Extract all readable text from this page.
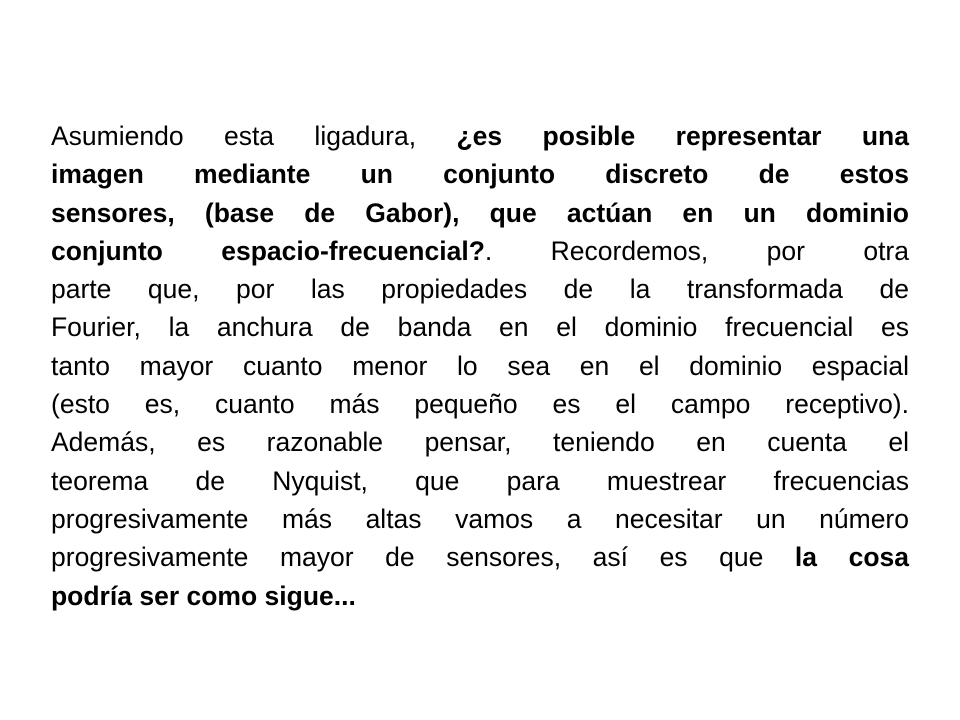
Asumiendo esta ligadura, ¿es posible representar una
imagen mediante un conjunto discreto de estos
sensores, (base de Gabor), que actúan en un dominio
conjunto espacio-frecuencial?. Recordemos, por otra
parte que, por las propiedades de la transformada de
Fourier, la anchura de banda en el dominio frecuencial es
tanto mayor cuanto menor lo sea en el dominio espacial
(esto es, cuanto más pequeño es el campo receptivo).
Además, es razonable pensar, teniendo en cuenta el
teorema de Nyquist, que para muestrear frecuencias
progresivamente más altas vamos a necesitar un número
progresivamente mayor de sensores, así es que la cosa
podría ser como sigue...
